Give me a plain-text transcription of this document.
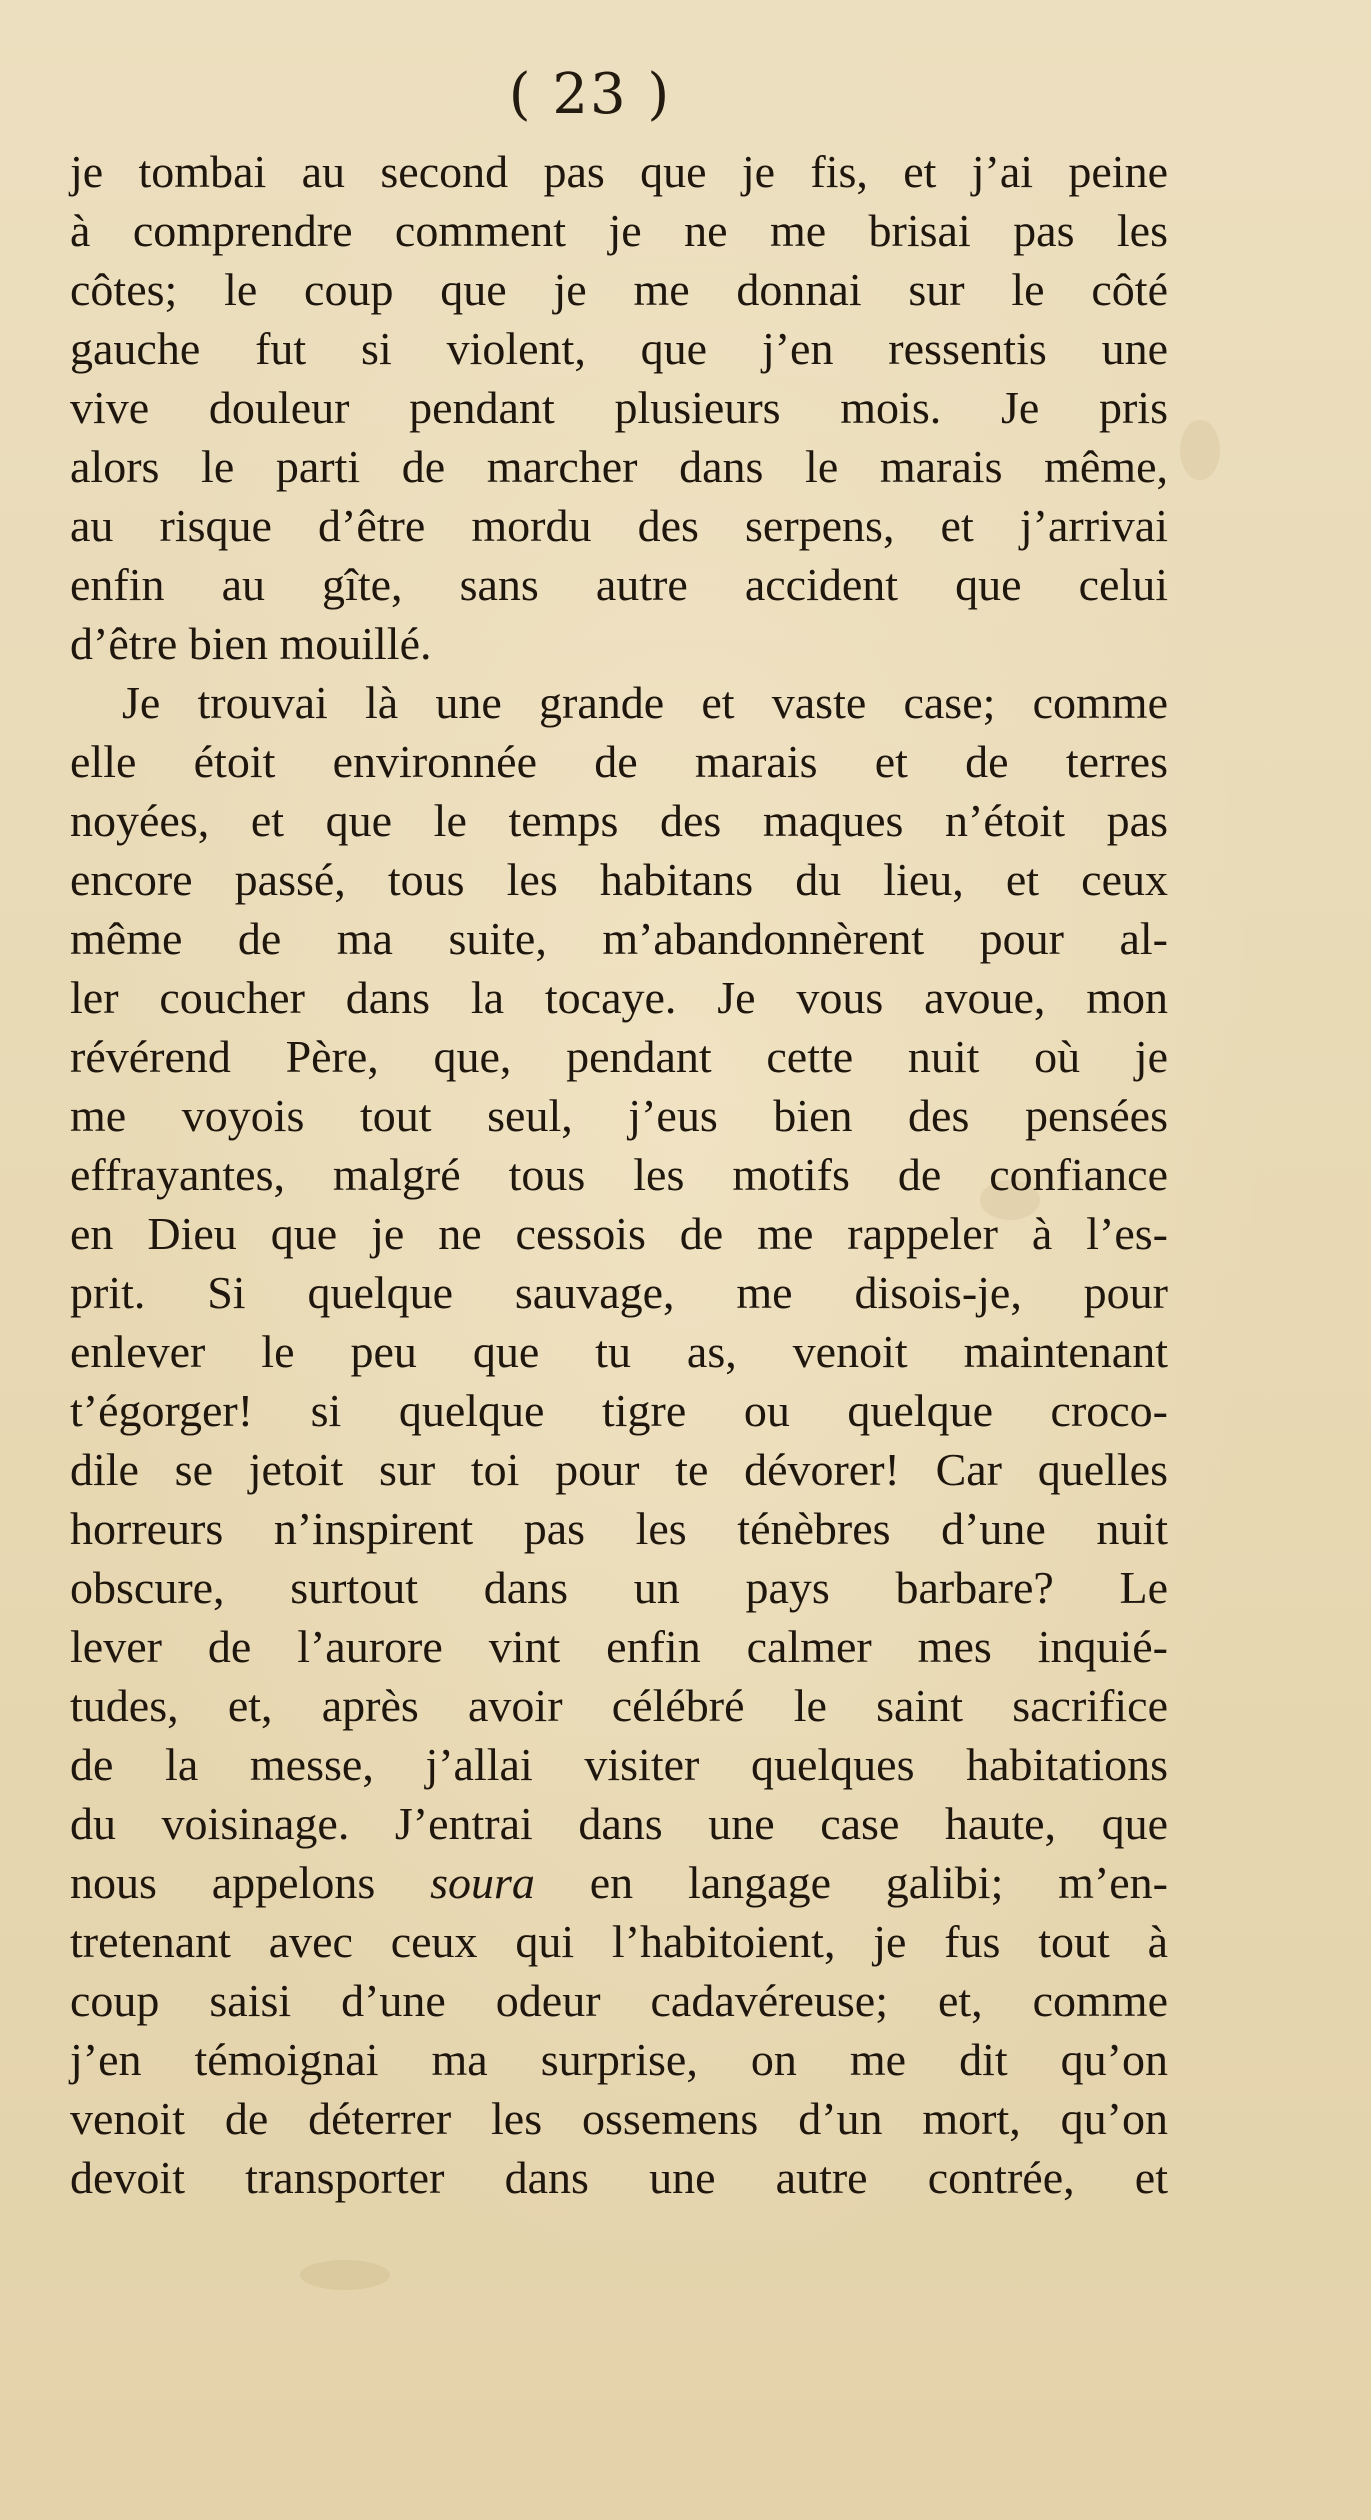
( 23 )
je tombai au second pas que je fis, et j’ai peine
à comprendre comment je ne me brisai pas les
côtes; le coup que je me donnai sur le côté
gauche fut si violent, que j’en ressentis une
vive douleur pendant plusieurs mois. Je pris
alors le parti de marcher dans le marais même,
au risque d’être mordu des serpens, et j’arrivai
enfin au gîte, sans autre accident que celui
d’être bien mouillé.
Je trouvai là une grande et vaste case; comme
elle étoit environnée de marais et de terres
noyées, et que le temps des maques n’étoit pas
encore passé, tous les habitans du lieu, et ceux
même de ma suite, m’abandonnèrent pour al-
ler coucher dans la tocaye. Je vous avoue, mon
révérend Père, que, pendant cette nuit où je
me voyois tout seul, j’eus bien des pensées
effrayantes, malgré tous les motifs de confiance
en Dieu que je ne cessois de me rappeler à l’es-
prit. Si quelque sauvage, me disois-je, pour
enlever le peu que tu as, venoit maintenant
t’égorger! si quelque tigre ou quelque croco-
dile se jetoit sur toi pour te dévorer! Car quelles
horreurs n’inspirent pas les ténèbres d’une nuit
obscure, surtout dans un pays barbare? Le
lever de l’aurore vint enfin calmer mes inquié-
tudes, et, après avoir célébré le saint sacrifice
de la messe, j’allai visiter quelques habitations
du voisinage. J’entrai dans une case haute, que
nous appelons soura en langage galibi; m’en-
tretenant avec ceux qui l’habitoient, je fus tout à
coup saisi d’une odeur cadavéreuse; et, comme
j’en témoignai ma surprise, on me dit qu’on
venoit de déterrer les ossemens d’un mort, qu’on
devoit transporter dans une autre contrée, et
